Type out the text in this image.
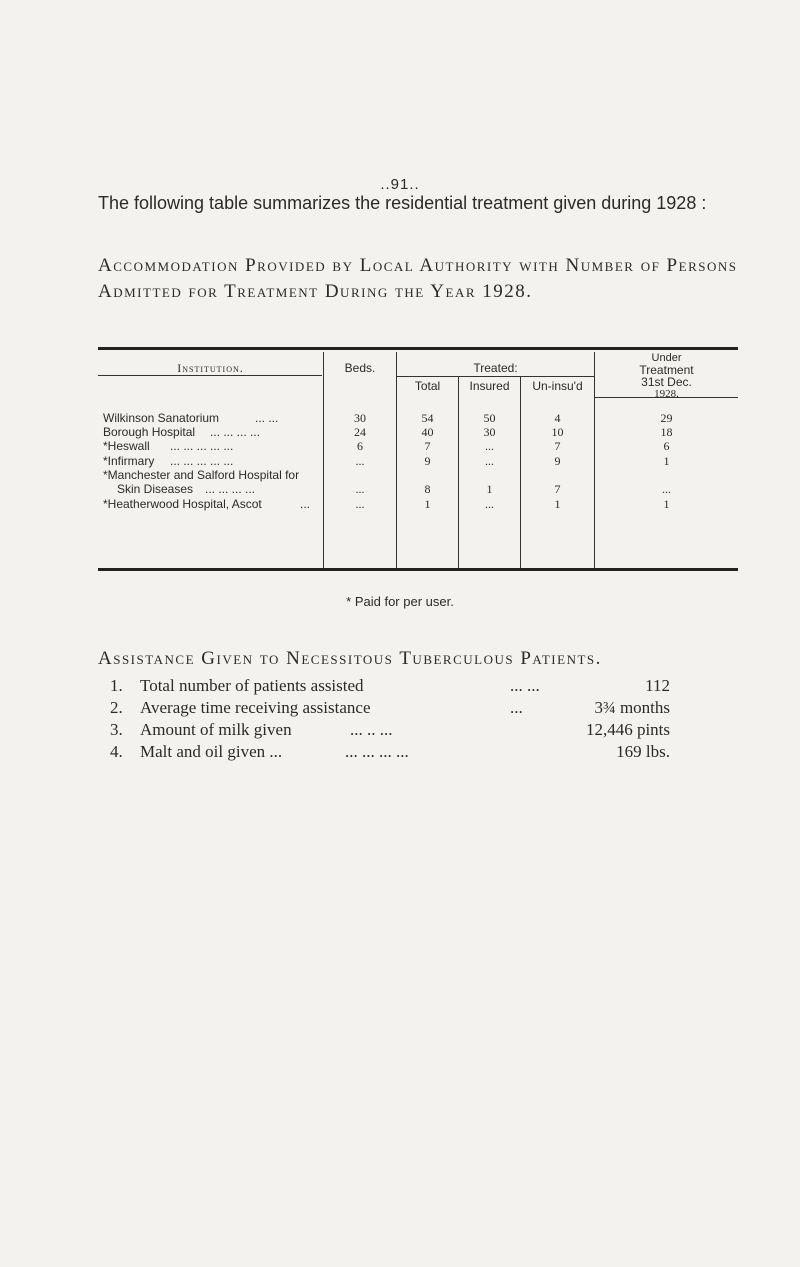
..91..
The following table summarizes the residential treatment given during 1928 :
Accommodation Provided by Local Authority with Number of Persons Admitted for Treatment During the Year 1928.
Institution.	Beds.	Treated:
Total	Insured	Un-insu'd
Under
Treatment
31st Dec.
1928.
Wilkinson Sanatorium	... ...	30	54	50	4	29
Borough Hospital ... ... ... ...	24	40	30	10	18
*Heswall ... ... ... ... ...	6	7	...	7	6
*Infirmary ... ... ... ... ...	...	9	...	9	1
*Manchester and Salford Hospital for
Skin Diseases ... ... ... ...	...	8	1	7	...
*Heatherwood Hospital, Ascot	...	...	1	...	1	1
* Paid for per user.
Assistance Given to Necessitous Tuberculous Patients.
1. Total number of patients assisted	... ...	112
2. Average time receiving assistance	...	3¾ months
3. Amount of milk given	... .. ...	12,446 pints
4. Malt and oil given ...	... ... ... ...	169 lbs.
